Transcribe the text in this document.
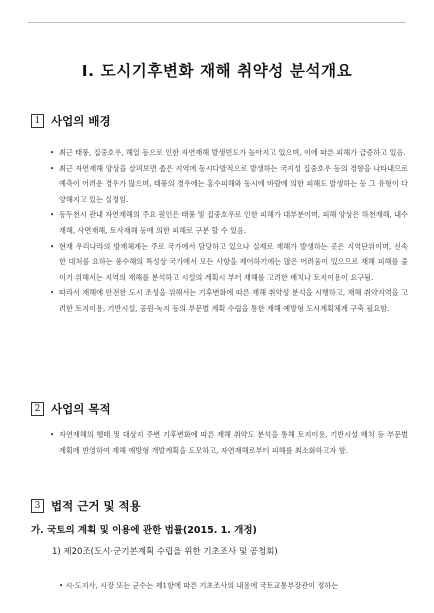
Ⅰ. 도시기후변화 재해 취약성 분석개요
1 사업의 배경
• 최근 태풍, 집중호우, 해일 등으로 인한 자연재해 발생빈도가 높아지고 있으며, 이에 따른 피해가 급증하고 있음.
• 최근 자연재해 양상을 살펴보면 좁은 지역에 동시다발적으로 발생하는 국지성 집중호우 등의 경향을 나타내므로 예측이 어려운 경우가 많으며, 태풍의 경우에는 홍수피해와 동시에 바람에 의한 피해도 발생하는 등 그 유형이 다양해지고 있는 실정임.
• 동두천시 관내 자연재해의 주요 원인은 태풍 및 집중호우로 인한 피해가 대부분이며, 피해 양상은 하천재해, 내수재해, 사면재해, 토사재해 등에 의한 피해로 구분 할 수 있음.
• 현재 우리나라의 방재체계는 주로 국가에서 담당하고 있으나 실제로 재해가 발생하는 곳은 지역단위이며, 신속한 대처를 요하는 풍수해의 특성상 국가에서 모든 사항을 제어하기에는 많은 어려움이 있으므로 재해 피해를 줄이기 위해서는 지역의 재해를 분석하고 시설의 계획시 부터 재해를 고려한 배치나 토지이용이 요구됨.
• 따라서 재해에 안전한 도시 조성을 위해서는 기후변화에 따른 재해 취약성 분석을 시행하고, 재해 취약지역을 고려한 토지이용, 기반시설, 공원·녹지 등의 부문별 계획 수립을 통한 재해 예방형 도시계획체계 구축 필요함.
2 사업의 목적
• 자연재해의 행태 및 대상지 주변 기후변화에 따른 재해 취약도 분석을 통해 토지이용, 기반시설 배치 등 부문별 계획에 반영하여 재해 예방형 개발계획을 도모하고, 자연재해로부터 피해를 최소화하고자 함.
3 법적 근거 및 적용
가. 국토의 계획 및 이용에 관한 법률(2015. 1. 개정)
1) 제20조(도시·군기본계획 수립을 위한 기초조사 및 공청회)
• 시·도지사, 시장 또는 군수는 제1항에 따른 기초조사의 내용에 국토교통부장관이 정하는
